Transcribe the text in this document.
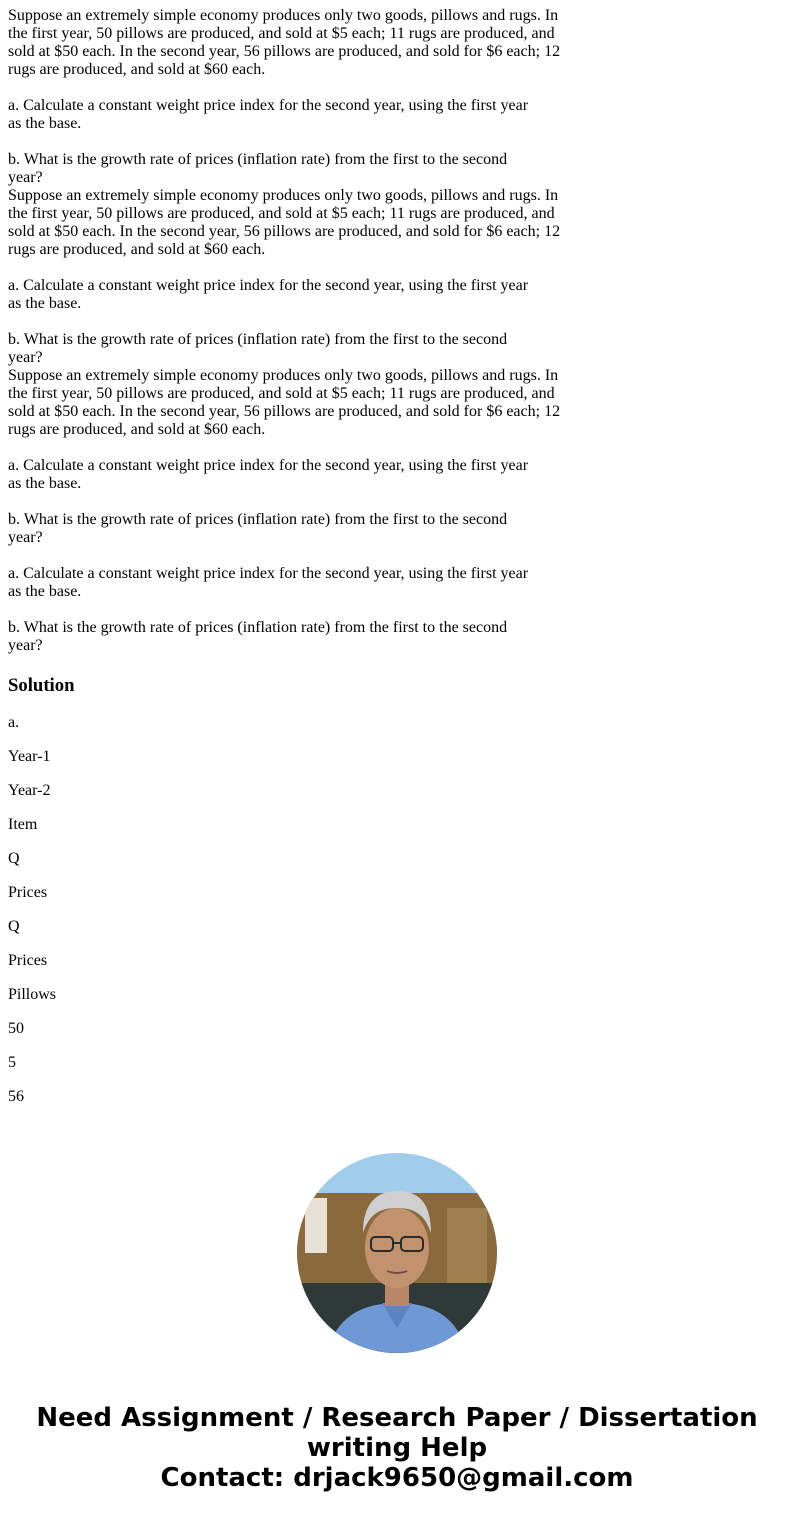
Suppose an extremely simple economy produces only two goods, pillows and rugs. In
the first year, 50 pillows are produced, and sold at $5 each; 11 rugs are produced, and
sold at $50 each. In the second year, 56 pillows are produced, and sold for $6 each; 12
rugs are produced, and sold at $60 each.
a. Calculate a constant weight price index for the second year, using the first year
as the base.
b. What is the growth rate of prices (inflation rate) from the first to the second
year?
Suppose an extremely simple economy produces only two goods, pillows and rugs. In
the first year, 50 pillows are produced, and sold at $5 each; 11 rugs are produced, and
sold at $50 each. In the second year, 56 pillows are produced, and sold for $6 each; 12
rugs are produced, and sold at $60 each.
a. Calculate a constant weight price index for the second year, using the first year
as the base.
b. What is the growth rate of prices (inflation rate) from the first to the second
year?
Suppose an extremely simple economy produces only two goods, pillows and rugs. In
the first year, 50 pillows are produced, and sold at $5 each; 11 rugs are produced, and
sold at $50 each. In the second year, 56 pillows are produced, and sold for $6 each; 12
rugs are produced, and sold at $60 each.
a. Calculate a constant weight price index for the second year, using the first year
as the base.
b. What is the growth rate of prices (inflation rate) from the first to the second
year?
a. Calculate a constant weight price index for the second year, using the first year
as the base.
b. What is the growth rate of prices (inflation rate) from the first to the second
year?
Solution
a.
Year-1
Year-2
Item
Q
Prices
Q
Prices
Pillows
50
5
56
Need Assignment / Research Paper / Dissertation
writing Help
Contact: drjack9650@gmail.com
